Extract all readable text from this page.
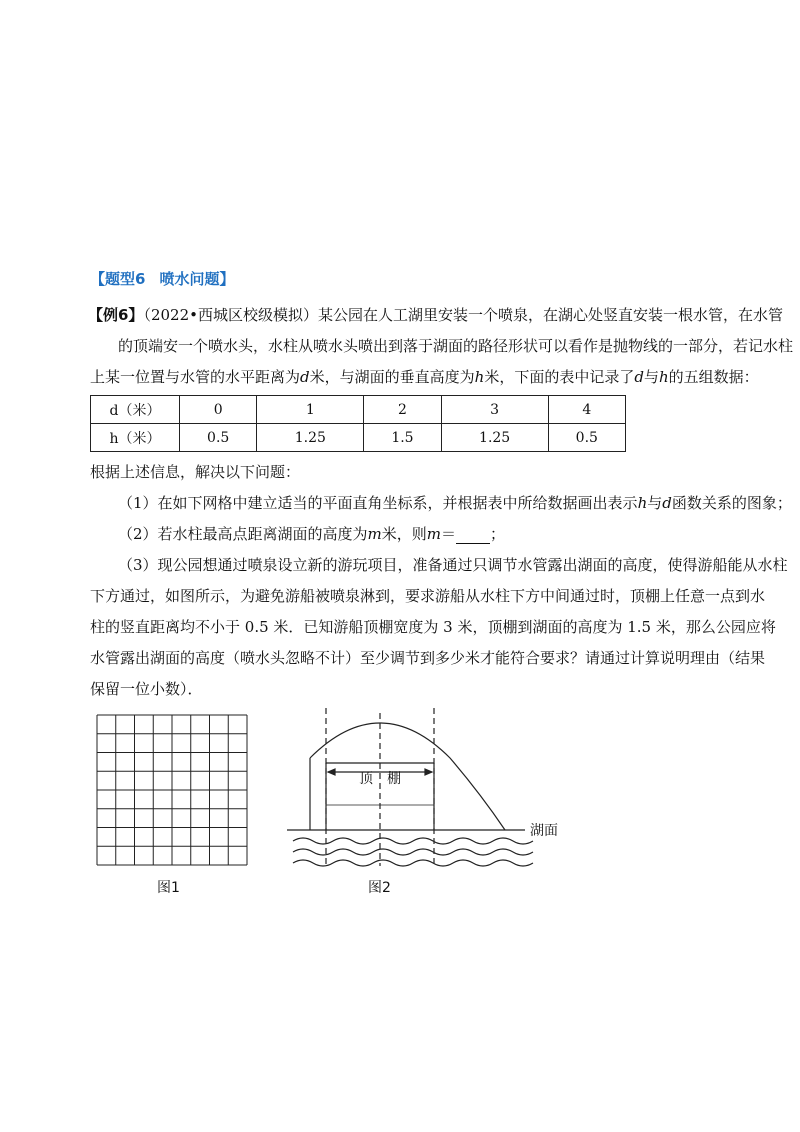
【题型6 喷水问题】
【例6】（2022•西城区校级模拟）某公园在人工湖里安装一个喷泉，在湖心处竖直安装一根水管，在水管
的顶端安一个喷水头，水柱从喷水头喷出到落于湖面的路径形状可以看作是抛物线的一部分，若记水柱
上某一位置与水管的水平距离为d米，与湖面的垂直高度为h米，下面的表中记录了d与h的五组数据：
d（米）	0	1	2	3	4
h（米）	0.5	1.25	1.5	1.25	0.5
根据上述信息，解决以下问题：
（1）在如下网格中建立适当的平面直角坐标系，并根据表中所给数据画出表示h与d函数关系的图象；
（2）若水柱最高点距离湖面的高度为m米，则m＝ ；
（3）现公园想通过喷泉设立新的游玩项目，准备通过只调节水管露出湖面的高度，使得游船能从水柱
下方通过，如图所示，为避免游船被喷泉淋到，要求游船从水柱下方中间通过时，顶棚上任意一点到水
柱的竖直距离均不小于 0.5 米．已知游船顶棚宽度为 3 米，顶棚到湖面的高度为 1.5 米，那么公园应将
水管露出湖面的高度（喷水头忽略不计）至少调节到多少米才能符合要求？请通过计算说明理由（结果
保留一位小数）．
图1
顶　棚
湖面
图2
